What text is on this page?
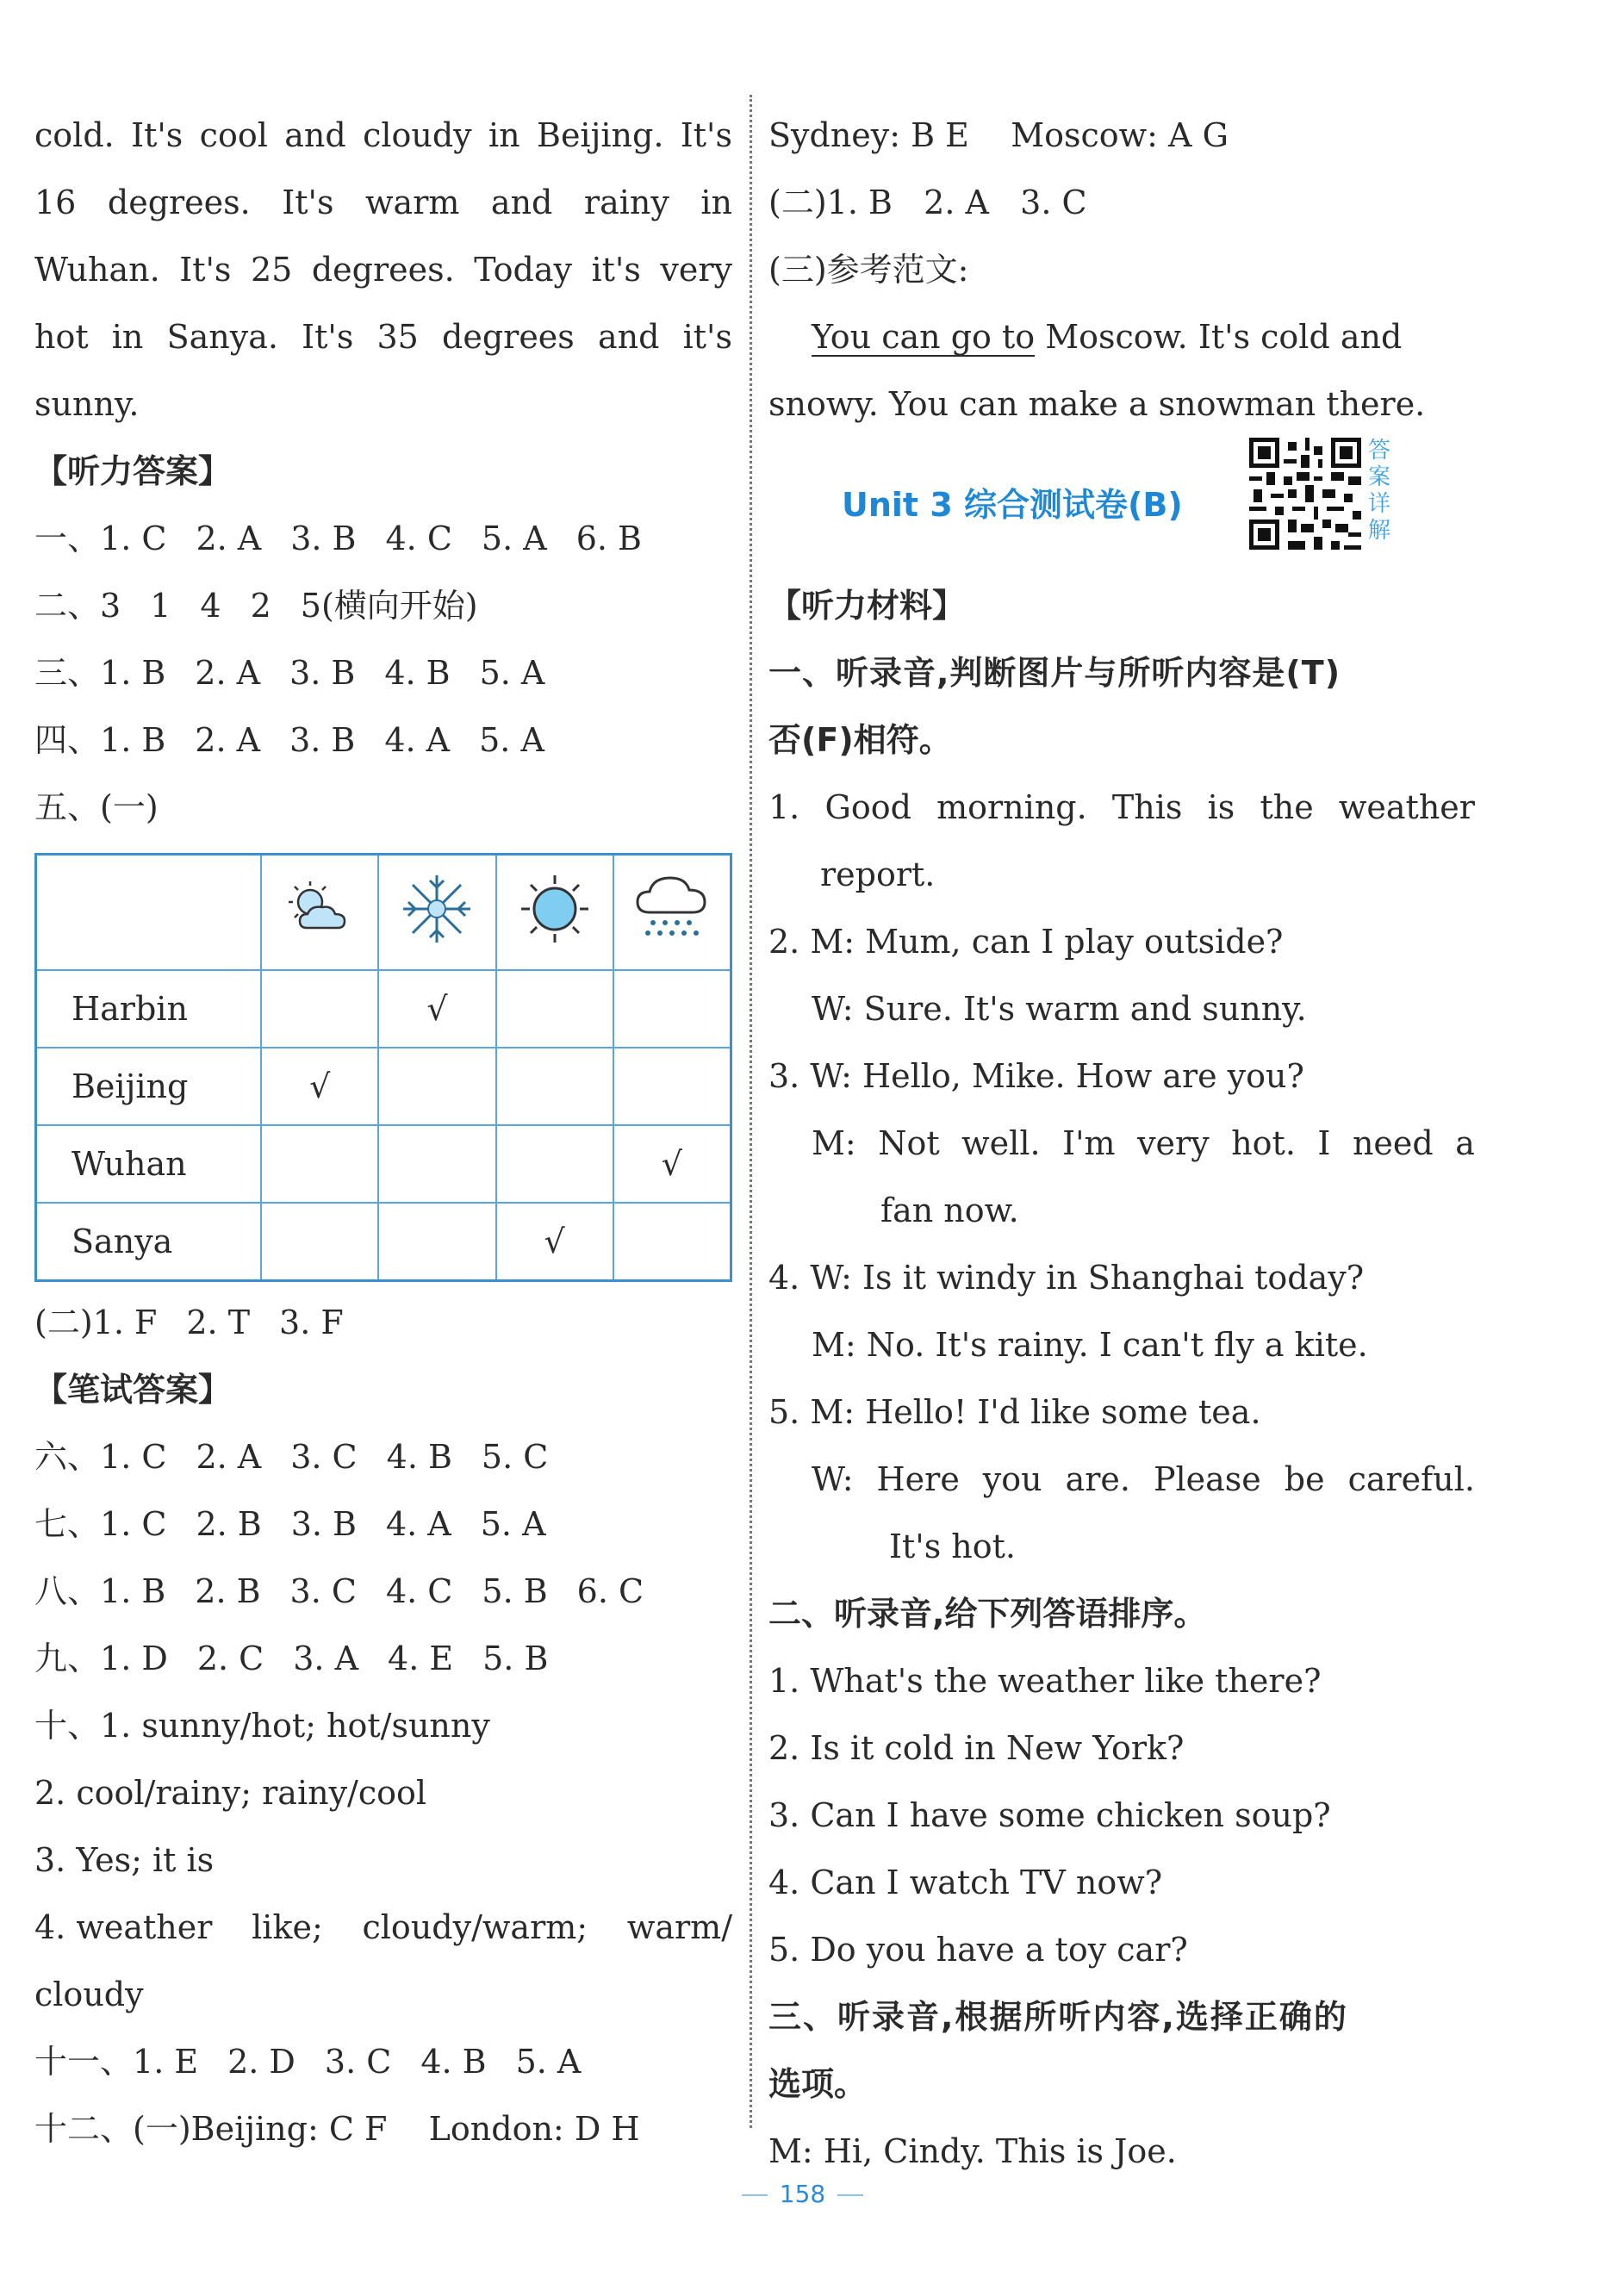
cold. It's cool and cloudy in Beijing. It's
16 degrees. It's warm and rainy in
Wuhan. It's 25 degrees. Today it's very
hot in Sanya. It's 35 degrees and it's
sunny.
【听力答案】
一、1. C 2. A 3. B 4. C 5. A 6. B
二、3 1 4 2 5(横向开始)
三、1. B 2. A 3. B 4. B 5. A
四、1. B 2. A 3. B 4. A 5. A
五、(一)

Harbin		√		
Beijing	√			
Wuhan				√
Sanya			√	
(二)1. F 2. T 3. F
【笔试答案】
六、1. C 2. A 3. C 4. B 5. C
七、1. C 2. B 3. B 4. A 5. A
八、1. B 2. B 3. C 4. C 5. B 6. C
九、1. D 2. C 3. A 4. E 5. B
十、1. sunny/hot; hot/sunny
2. cool/rainy; rainy/cool
3. Yes; it is
4. weather like; cloudy/warm; warm/
cloudy
十一、1. E 2. D 3. C 4. B 5. A
十二、(一)Beijing: C F    London: D H
Sydney: B E    Moscow: A G
(二)1. B   2. A   3. C
(三)参考范文:
You can go to Moscow. It's cold and
snowy. You can make a snowman there.
Unit 3 综合测试卷(B)
【听力材料】
一、听录音,判断图片与所听内容是(T)
否(F)相符。
1. Good morning. This is the weather
report.
2. M: Mum, can I play outside?
W: Sure. It's warm and sunny.
3. W: Hello, Mike. How are you?
M: Not well. I'm very hot. I need a
fan now.
4. W: Is it windy in Shanghai today?
M: No. It's rainy. I can't fly a kite.
5. M: Hello! I'd like some tea.
W: Here you are. Please be careful.
It's hot.
二、听录音,给下列答语排序。
1. What's the weather like there?
2. Is it cold in New York?
3. Can I have some chicken soup?
4. Can I watch TV now?
5. Do you have a toy car?
三、听录音,根据所听内容,选择正确的
选项。
M: Hi, Cindy. This is Joe.
答
案
详
解
158
